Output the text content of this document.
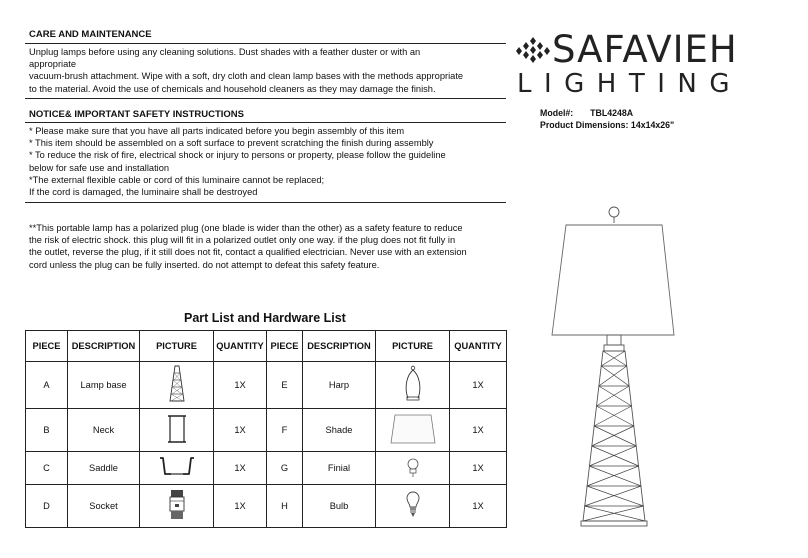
CARE AND MAINTENANCE
Unplug lamps before using any cleaning solutions. Dust shades with a feather duster or with an
appropriate
vacuum-brush attachment. Wipe with a soft, dry cloth and clean lamp bases with the methods appropriate
to the material. Avoid the use of chemicals and household cleaners as they may damage the finish.
NOTICE& IMPORTANT SAFETY INSTRUCTIONS
* Please make sure that you have all parts indicated before you begin assembly of this item
* This item should be assembled on a soft surface to prevent scratching the finish during assembly
* To reduce the risk of fire, electrical shock or injury to persons or property, please follow the guideline
below for safe use and installation
*The external flexible cable or cord of this luminaire cannot be replaced;
If the cord is damaged, the luminaire shall be destroyed
**This portable lamp has a polarized plug (one blade is wider than the other) as a safety feature to reduce
the risk of electric shock. this plug will fit in a polarized outlet only one way. if the plug does not fit fully in
the outlet, reverse the plug, if it still does not fit, contact a qualified electrician. Never use with an extension
cord unless the plug can be fully inserted. do not attempt to defeat this safety feature.
Part List and Hardware List
PIECE	DESCRIPTION	PICTURE	QUANTITY	PIECE	DESCRIPTION	PICTURE	QUANTITY
A	Lamp base		1X	E	Harp		1X
B	Neck		1X	F	Shade		1X
C	Saddle		1X	G	Finial		1X
D	Socket		1X	H	Bulb		1X
SAFAVIEH
LIGHTING
Model#: TBL4248A
Product Dimensions: 14x14x26"
